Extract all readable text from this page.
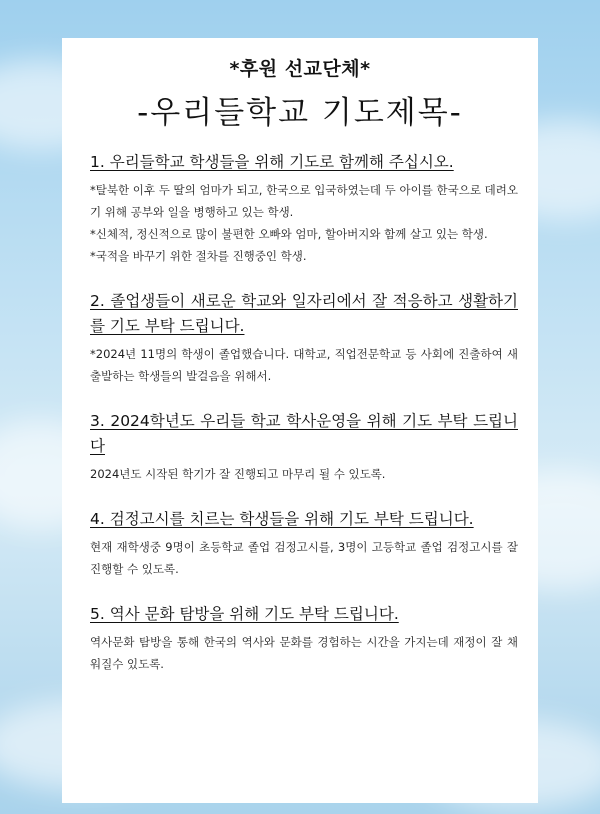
*후원 선교단체*
-우리들학교 기도제목-
1. 우리들학교 학생들을 위해 기도로 함께해 주십시오.

*탈북한 이후 두 딸의 엄마가 되고, 한국으로 입국하였는데 두 아이를 한국으로 데려오기 위해 공부와 일을 병행하고 있는 학생.

*신체적, 정신적으로 많이 불편한 오빠와 엄마, 할아버지와 함께 살고 있는 학생.

*국적을 바꾸기 위한 절차를 진행중인 학생.

2. 졸업생들이 새로운 학교와 일자리에서 잘 적응하고 생활하기를 기도 부탁 드립니다.

*2024년 11명의 학생이 졸업했습니다. 대학교, 직업전문학교 등 사회에 진출하여 새출발하는 학생들의 발걸음을 위해서.

3. 2024학년도 우리들 학교 학사운영을 위해 기도 부탁 드립니다

2024년도 시작된 학기가 잘 진행되고 마무리 될 수 있도록.

4. 검정고시를 치르는 학생들을 위해 기도 부탁 드립니다.

현재 재학생중 9명이 초등학교 졸업 검정고시를, 3명이 고등학교 졸업 검정고시를 잘 진행할 수 있도록.

5. 역사 문화 탐방을 위해 기도 부탁 드립니다.

역사문화 탐방을 통해 한국의 역사와 문화를 경험하는 시간을 가지는데 재정이 잘 채워질수 있도록.
